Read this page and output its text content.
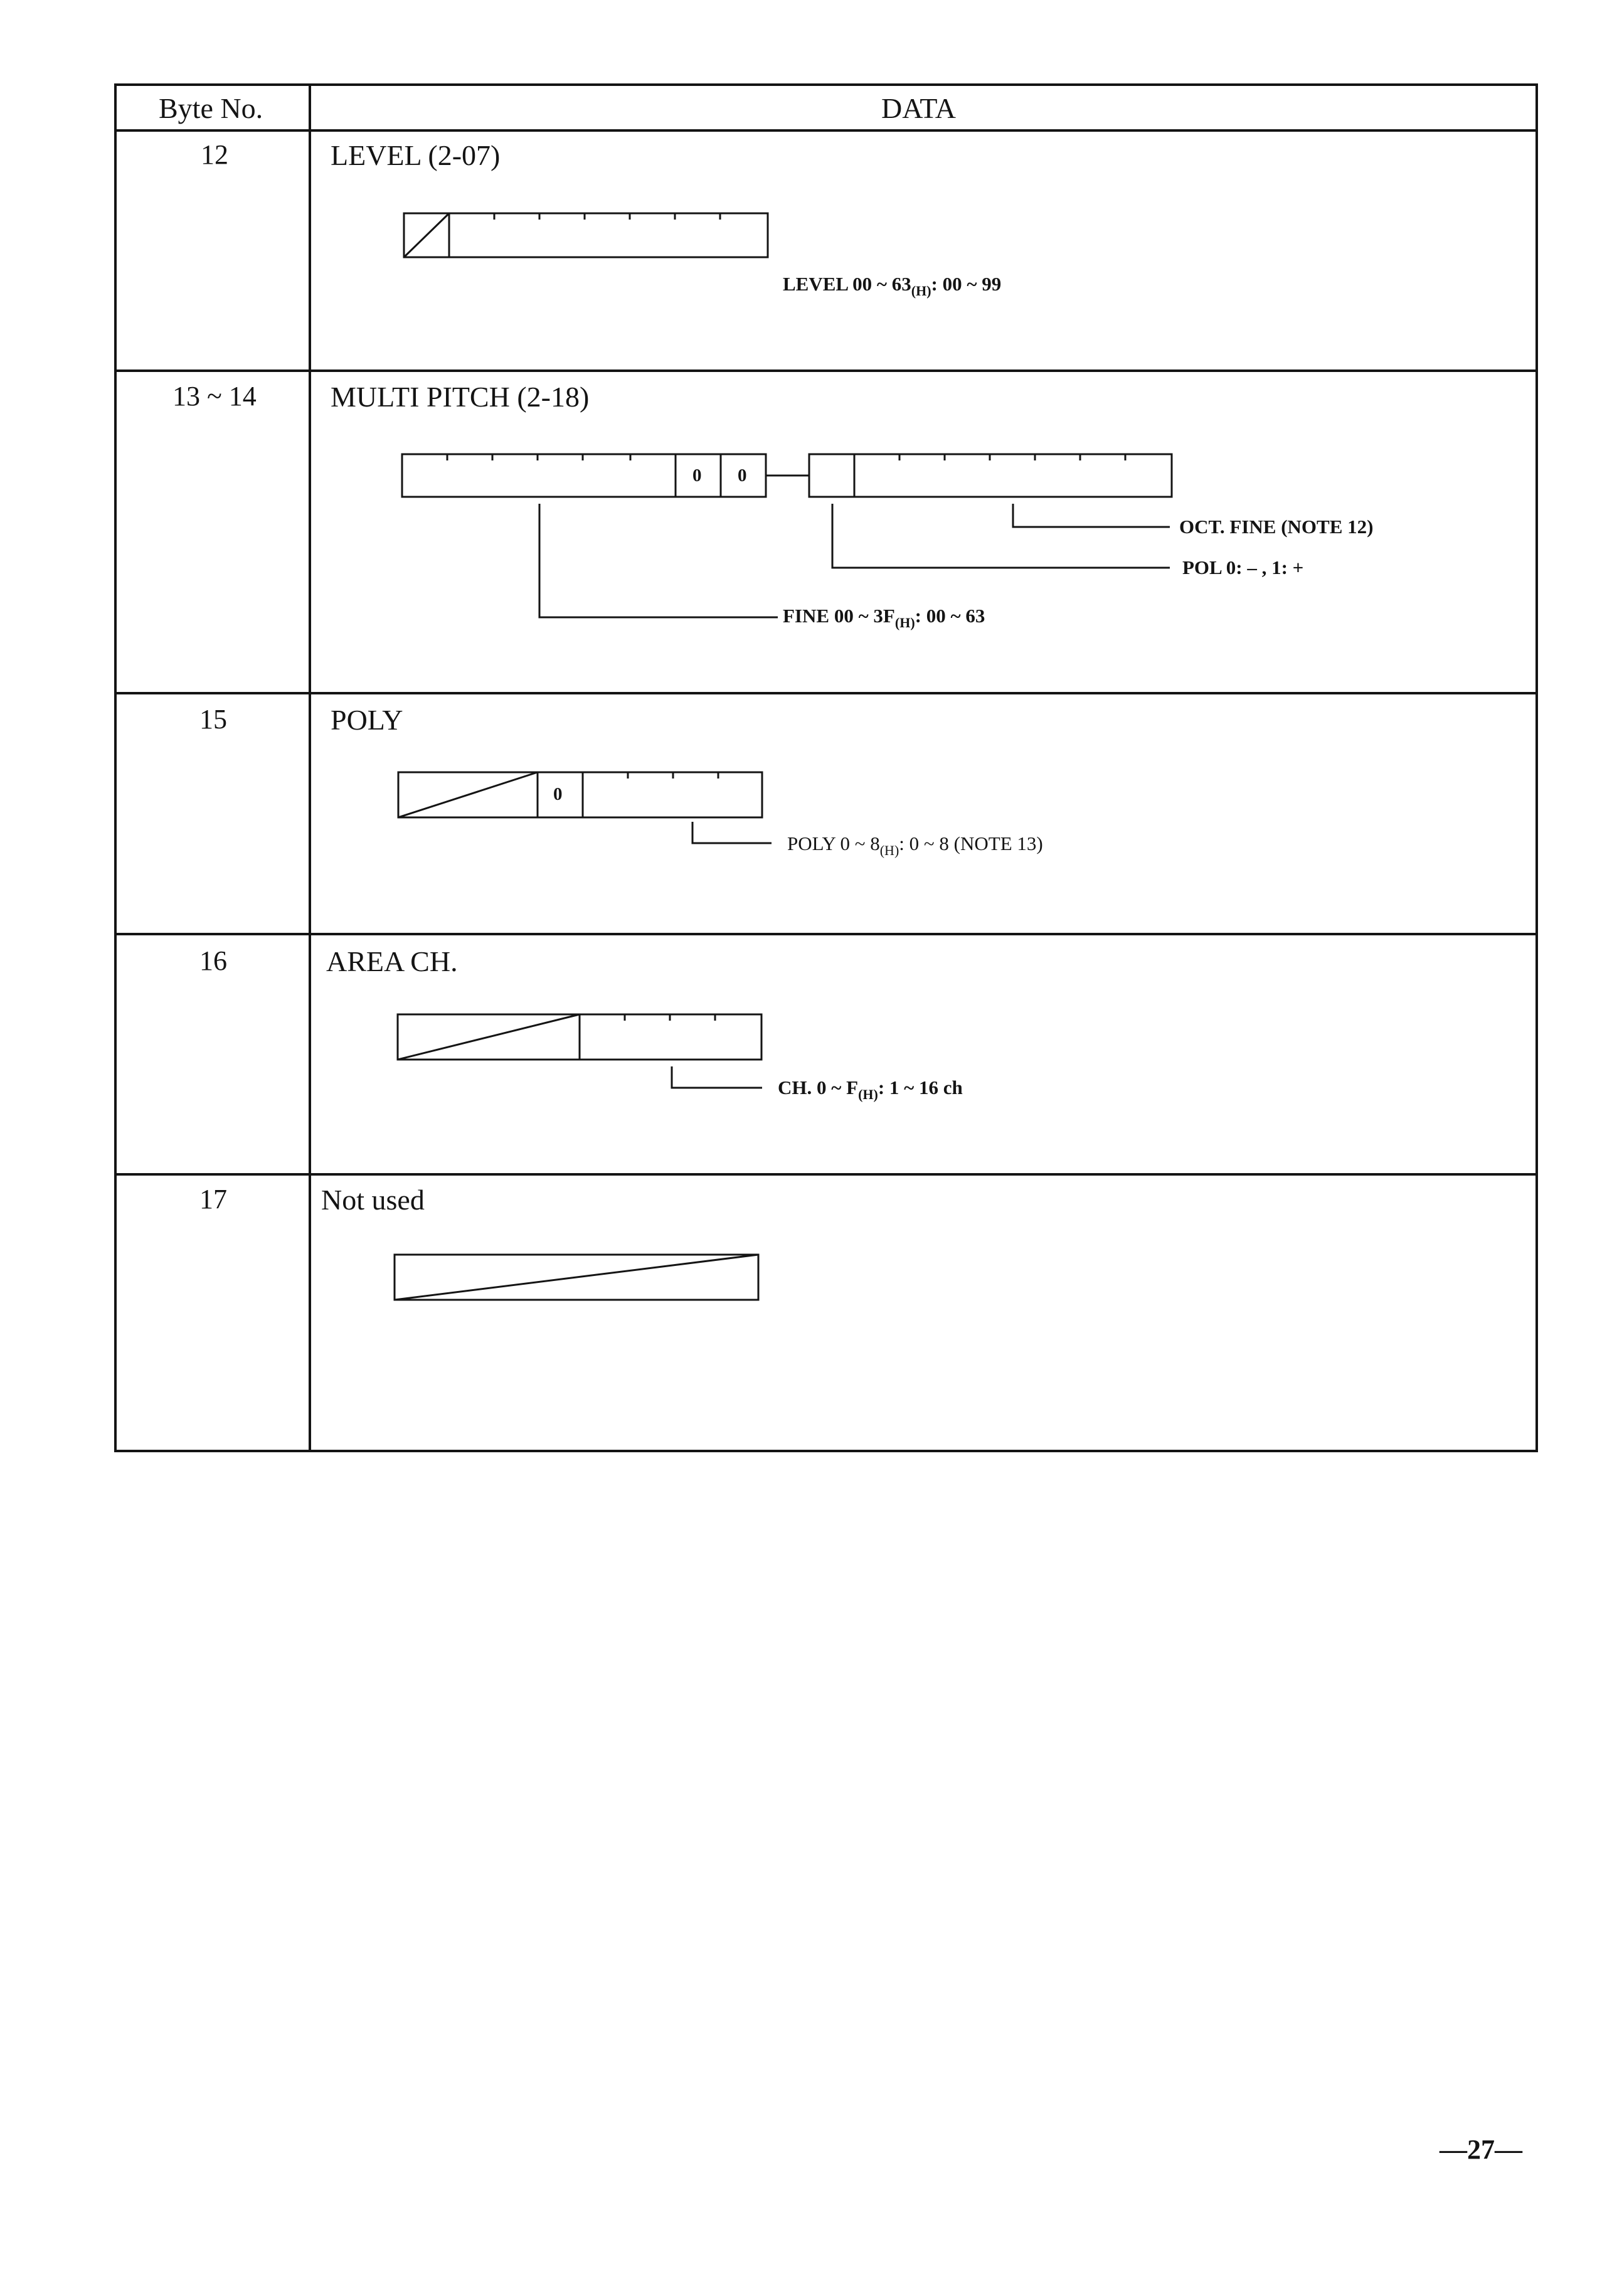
Byte No.	DATA
12
13 ~ 14
15
16
17
LEVEL (2-07)
MULTI PITCH (2-18)
POLY
AREA CH.
Not used
0 0
0
LEVEL 00 ~ $63_{(H)}$: 00 ~ 99
OCT. FINE (NOTE 12)
POL 0: – , 1: +
FINE 00 ~ $3F_{(H)}$: 00 ~ 63
POLY 0 ~ $8_{(H)}$: 0 ~ 8 (NOTE 13)
CH. 0 ~ $F_{(H)}$: 1 ~ 16 ch
—27—
